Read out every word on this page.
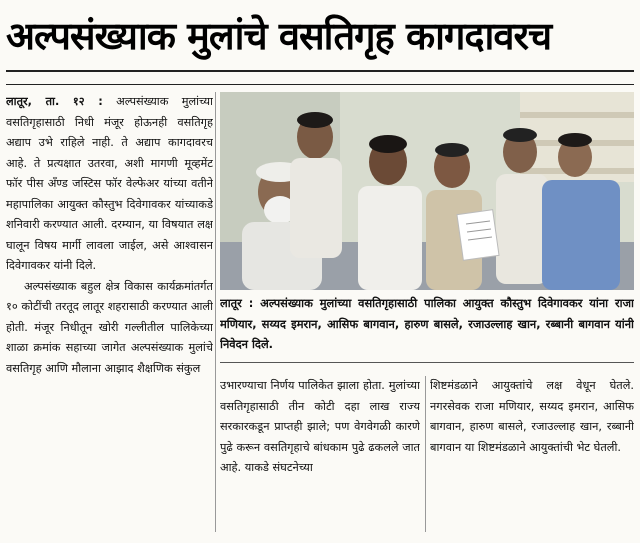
अल्पसंख्याक मुलांचे वसतिगृह कागदावरच

लातूर, ता. १२ : अल्पसंख्याक मुलांच्या वसतिगृहासाठी निधी मंजूर होऊनही वसतिगृह अद्याप उभे राहिले नाही. ते अद्याप कागदावरच आहे. ते प्रत्यक्षात उतरवा, अशी मागणी मूव्हमेंट फॉर पीस अँण्ड जस्टिस फॉर वेल्फेअर यांच्या वतीने महापालिका आयुक्त कौस्तुभ दिवेगावकर यांच्याकडे शनिवारी करण्यात आली. दरम्यान, या विषयात लक्ष घालून विषय मार्गी लावला जाईल, असे आश्वासन दिवेगावकर यांनी दिले.

अल्पसंख्याक बहुल क्षेत्र विकास कार्यक्रमांतर्गत १० कोटींची तरतूद लातूर शहरासाठी करण्यात आली होती. मंजूर निधीतून खोरी गल्लीतील पालिकेच्या शाळा क्रमांक सहाच्या जागेत अल्पसंख्याक मुलांचे वसतिगृह आणि मौलाना आझाद शैक्षणिक संकुल

लातूर : अल्पसंख्याक मुलांच्या वसतिगृहासाठी पालिका आयुक्त कौस्तुभ दिवेगावकर यांना राजा मणियार, सय्यद इमरान, आसिफ बागवान, हारुण बासले, रजाउल्लाह खान, रब्बानी बागवान यांनी निवेदन दिले.
उभारण्याचा निर्णय पालिकेत झाला होता. मुलांच्या वसतिगृहासाठी तीन कोटी दहा लाख राज्य सरकारकडून प्राप्तही झाले; पण वेगवेगळी कारणे पुढे करून वसतिगृहाचे बांधकाम पुढे ढकलले जात आहे. याकडे संघटनेच्या
शिष्टमंडळाने आयुक्तांचे लक्ष वेधून घेतले. नगरसेवक राजा मणियार, सय्यद इमरान, आसिफ बागवान, हारुण बासले, रजाउल्लाह खान, रब्बानी बागवान या शिष्टमंडळाने आयुक्तांची भेट घेतली.
